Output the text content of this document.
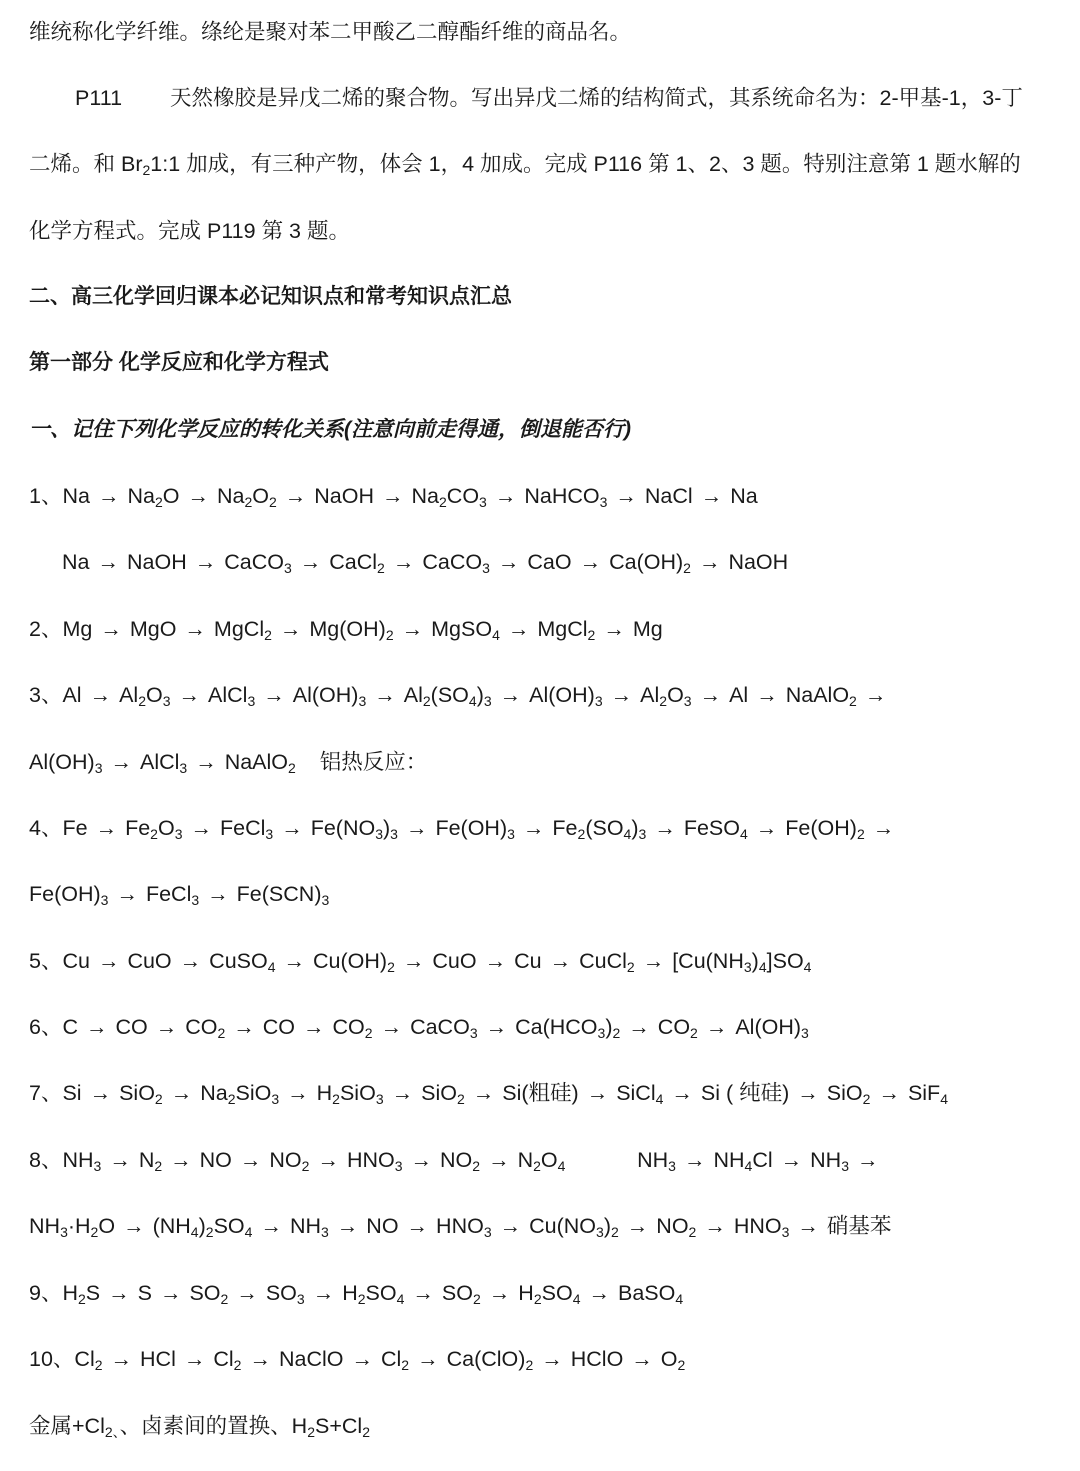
维统称化学纤维。绦纶是聚对苯二甲酸乙二醇酯纤维的商品名。
P111 天然橡胶是异戊二烯的聚合物。写出异戊二烯的结构简式，其系统命名为：2-甲基-1，3-丁
二烯。和 $Br_21:1$ 加成，有三种产物，体会 1，4 加成。完成 P116 第 1、2、3 题。特别注意第 1 题水解的
化学方程式。完成 P119 第 3 题。
二、高三化学回归课本必记知识点和常考知识点汇总
第一部分 化学反应和化学方程式
一、记住下列化学反应的转化关系(注意向前走得通，倒退能否行)
1、$Na \to Na_2O \to Na_2O_2$ → NaOH → $Na_2CO_3$ → NaHCO$_3$ → NaCl → Na
Na → NaOH → CaCO$_3$ → CaCl$_2$ → CaCO$_3$ → CaO → $Ca(OH)_2$ → NaOH
2、Mg → MgO → MgCl$_2$ → $Mg(OH)_2$ → MgSO$_4$ → MgCl$_2$ → Mg
3、$Al \to Al_2O_3$ → AlCl$_3$ → $Al(OH)_3 \to Al_2(SO_4)_3 \to Al(OH)_3 \to Al_2O_3 \to Al$ → NaAlO$_2$ →
$Al(OH)_3$ → AlCl$_3$ → NaAlO$_2$    铝热反应：
4、$Fe \to Fe_2O_3$ → FeCl$_3$ → $Fe(NO_3)_3 \to Fe(OH)_3 \to Fe_2(SO_4)_3$ → FeSO$_4$ → $Fe(OH)_2$ →
$Fe(OH)_3$ → FeCl$_3$ → $Fe(SCN)_3$
5、Cu → CuO → CuSO$_4$ → $Cu(OH)_2$ → CuO → Cu → CuCl$_2$ → $[Cu(NH_3)_4]SO_4$
6、C → CO → $CO_2$ → CO → $CO_2$ → CaCO$_3$ → $Ca(HCO_3)_2 \to CO_2 \to Al(OH)_3$
7、$Si \to SiO_2 \to Na_2SiO_3 \to H_2SiO_3 \to SiO_2 \to Si$(粗硅) → SiCl$_4$ → Si ( 纯硅) → SiO$_2$ → SiF$_4$
8、$NH_3 \to N_2$ → NO → $NO_2 \to HNO_3 \to NO_2 \to N_2O_4$	$NH_3 \to NH_4Cl \to NH_3$ →
$NH_3\cdot H_2O \to (NH_4)_2SO_4 \to NH_3$ → NO → $HNO_3 \to Cu(NO_3)_2 \to NO_2 \to HNO_3$ → 硝基苯
9、$H_2S \to S \to SO_2 \to SO_3 \to H_2SO_4 \to SO_2 \to H_2SO_4$ → BaSO$_4$
10、$Cl_2$ → HCl → $Cl_2$ → NaClO → $Cl_2 \to Ca(ClO)_2$ → HClO → $O_2$
金属$+Cl_{2、}$、卤素间的置换、$H_2S+Cl_2$
